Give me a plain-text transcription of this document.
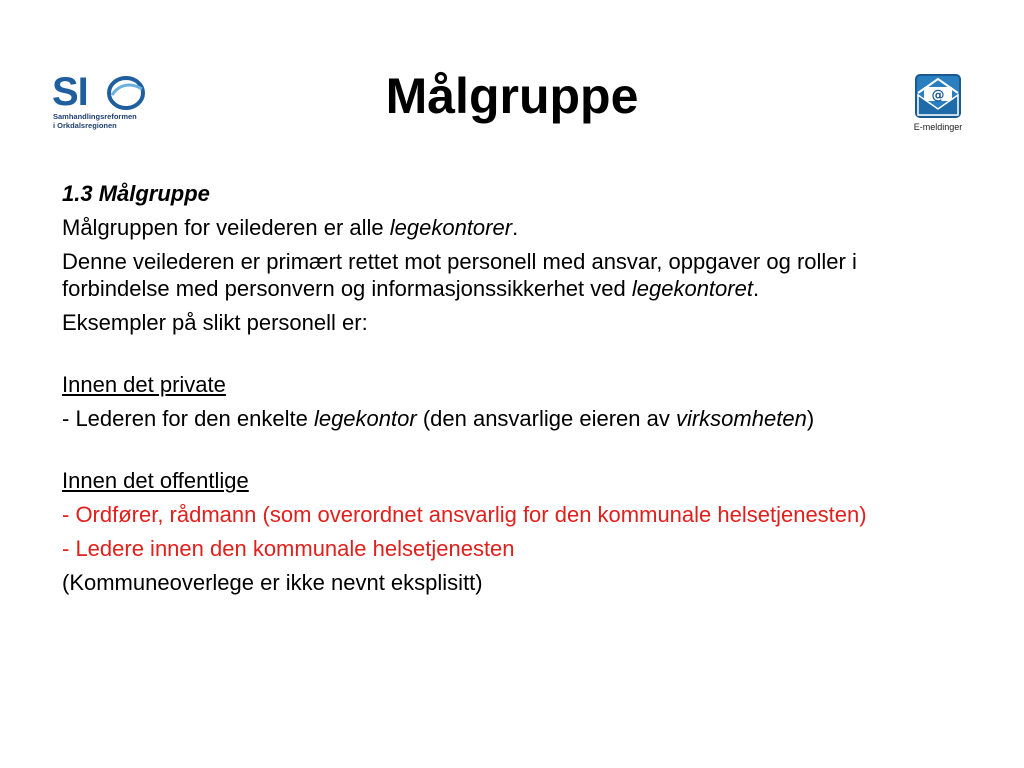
SI
Samhandlingsreformen
i Orkdalsregionen
Målgruppe	@
E-meldinger

1.3 Målgruppe

Målgruppen for veilederen er alle legekontorer.

Denne veilederen er primært rettet mot personell med ansvar, oppgaver og roller i forbindelse med personvern og informasjonssikkerhet ved legekontoret.

Eksempler på slikt personell er:

Innen det private

- Lederen for den enkelte legekontor (den ansvarlige eieren av virksomheten)

Innen det offentlige

- Ordfører, rådmann (som overordnet ansvarlig for den kommunale helsetjenesten)

- Ledere innen den kommunale helsetjenesten

(Kommuneoverlege er ikke nevnt eksplisitt)
